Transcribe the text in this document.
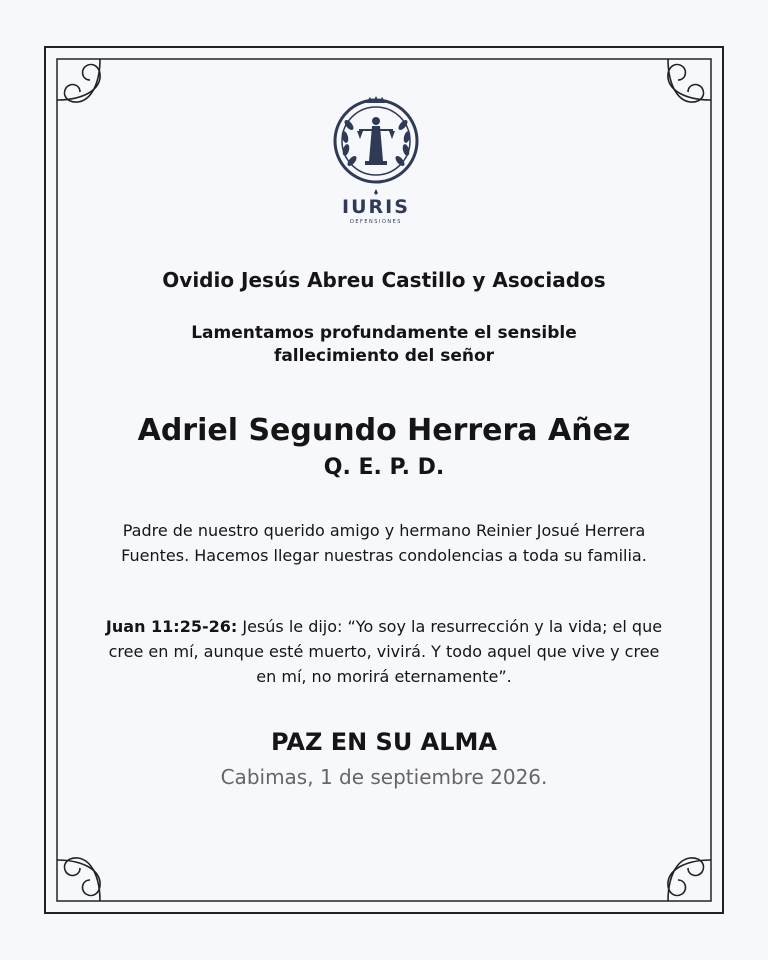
IURIS
DEFENSIONES
Ovidio Jesús Abreu Castillo y Asociados
Lamentamos profundamente el sensible
fallecimiento del señor
Adriel Segundo Herrera Añez
Q. E. P. D.
Padre de nuestro querido amigo y hermano Reinier Josué Herrera Fuentes. Hacemos llegar nuestras condolencias a toda su familia.
Juan 11:25-26: Jesús le dijo: “Yo soy la resurrección y la vida; el que cree en mí, aunque esté muerto, vivirá. Y todo aquel que vive y cree en mí, no morirá eternamente”.
PAZ EN SU ALMA
Cabimas, 1 de septiembre 2026.
